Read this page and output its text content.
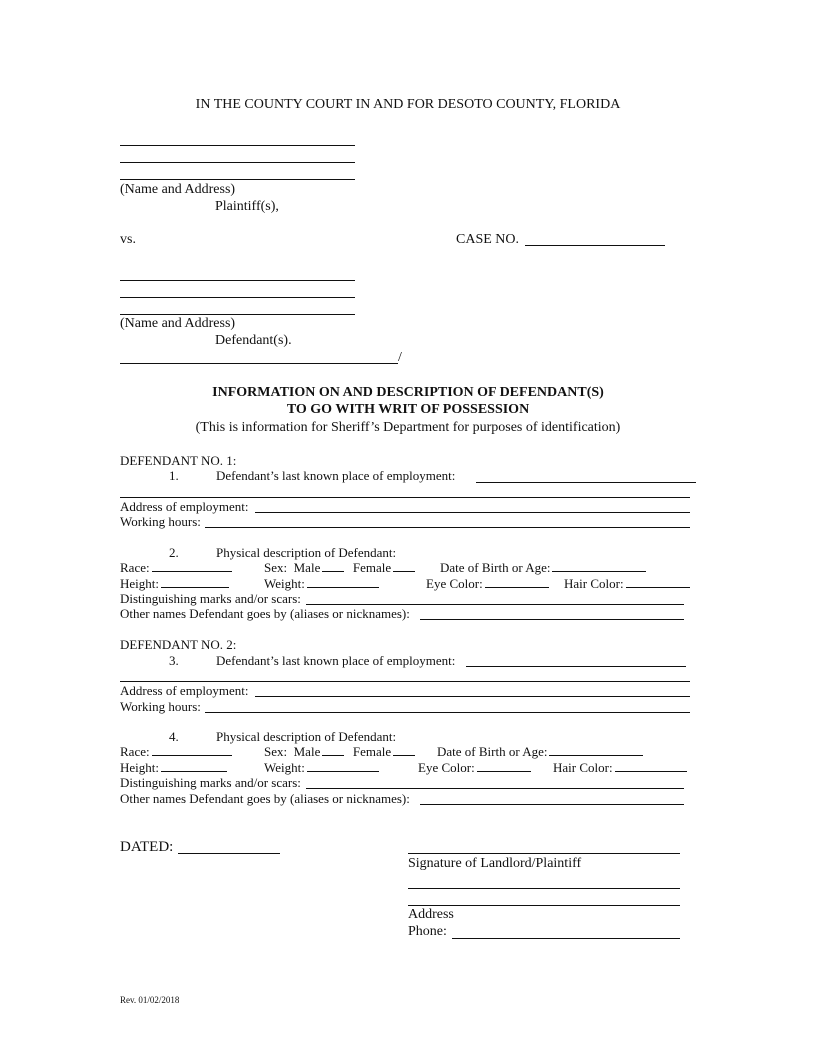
IN THE COUNTY COURT IN AND FOR DESOTO COUNTY, FLORIDA
(Name and Address)
Plaintiff(s),
vs.	CASE NO.
(Name and Address)
Defendant(s).
/
INFORMATION ON AND DESCRIPTION OF DEFENDANT(S)
TO GO WITH WRIT OF POSSESSION
(This is information for Sheriff’s Department for purposes of identification)
DEFENDANT NO. 1:
1.	Defendant’s last known place of employment:
Address of employment:
Working hours:
2.	Physical description of Defendant:
Race:	Sex: Male	Female	Date of Birth or Age:
Height:	Weight:	Eye Color:	Hair Color:
Distinguishing marks and/or scars:
Other names Defendant goes by (aliases or nicknames):
DEFENDANT NO. 2:
3.	Defendant’s last known place of employment:
Address of employment:
Working hours:
4.	Physical description of Defendant:
Race:	Sex: Male	Female	Date of Birth or Age:
Height:	Weight:	Eye Color:	Hair Color:
Distinguishing marks and/or scars:
Other names Defendant goes by (aliases or nicknames):
DATED:
Signature of Landlord/Plaintiff
Address
Phone:
Rev. 01/02/2018
